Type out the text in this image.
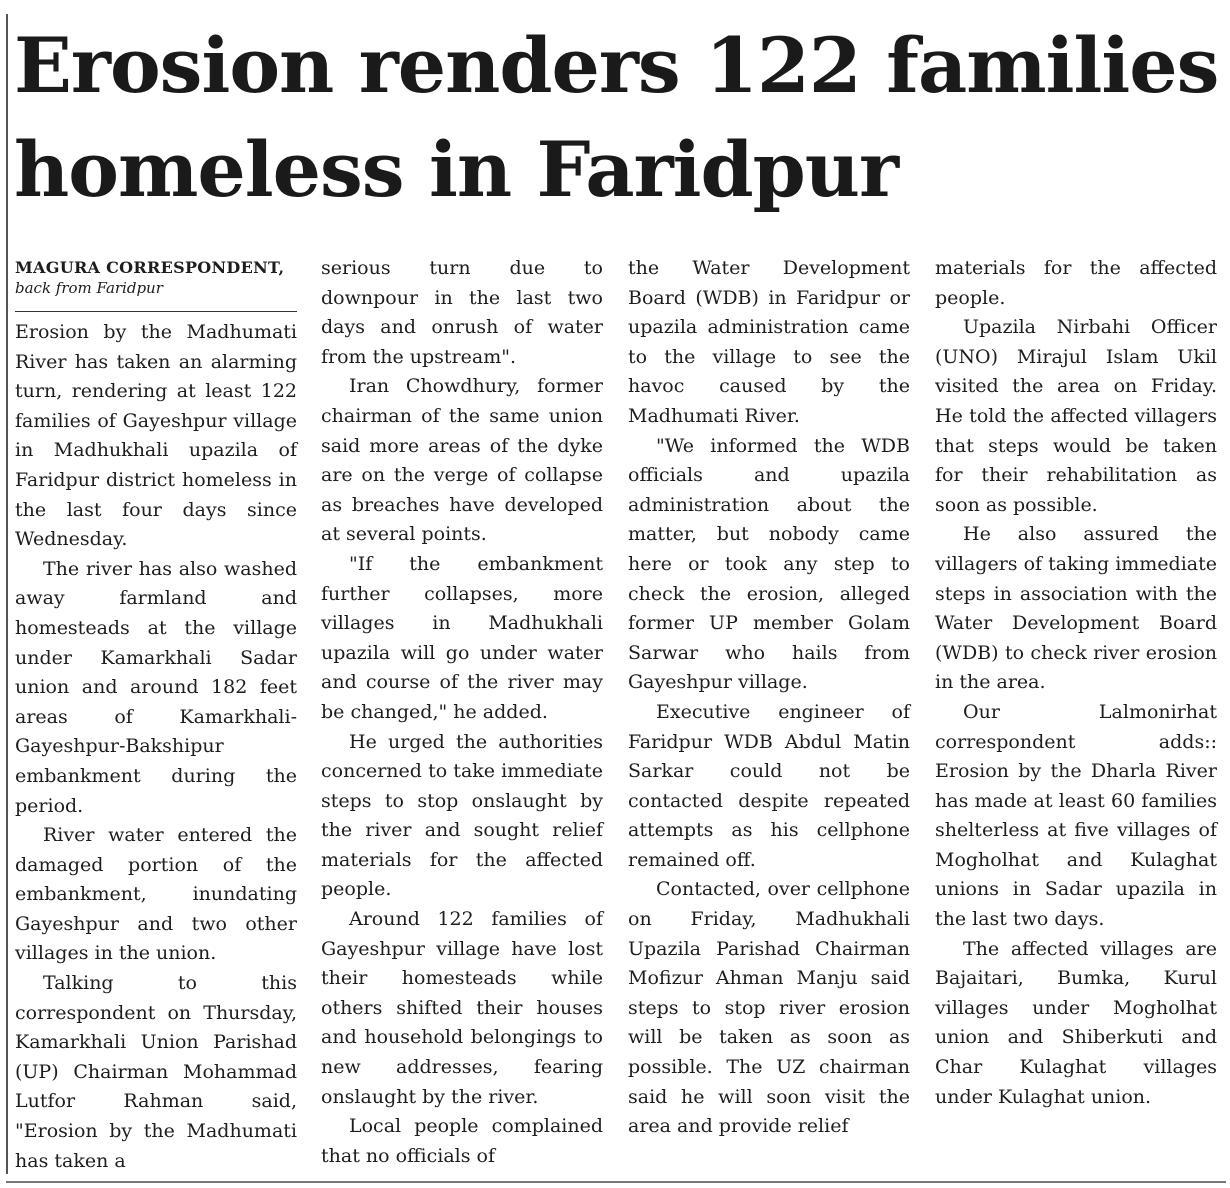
Erosion renders 122 families homeless in Faridpur
MAGURA CORRESPONDENT,
back from Faridpur

Erosion by the Madhumati River has taken an alarming turn, rendering at least 122 families of Gayeshpur village in Madhukhali upazila of Faridpur district homeless in the last four days since Wednesday.

The river has also washed away farmland and homesteads at the village under Kamarkhali Sadar union and around 182 feet areas of Kamarkhali-Gayeshpur-Bakshipur embankment during the period.

River water entered the damaged portion of the embankment, inundating Gayeshpur and two other villages in the union.

Talking to this correspondent on Thursday, Kamarkhali Union Parishad (UP) Chairman Mohammad Lutfor Rahman said, "Erosion by the Madhumati has taken a

serious turn due to downpour in the last two days and onrush of water from the upstream".

Iran Chowdhury, former chairman of the same union said more areas of the dyke are on the verge of collapse as breaches have developed at several points.

"If the embankment further collapses, more villages in Madhukhali upazila will go under water and course of the river may be changed," he added.

He urged the authorities concerned to take immediate steps to stop onslaught by the river and sought relief materials for the affected people.

Around 122 families of Gayeshpur village have lost their homesteads while others shifted their houses and household belongings to new addresses, fearing onslaught by the river.

Local people complained that no officials of

the Water Development Board (WDB) in Faridpur or upazila administration came to the village to see the havoc caused by the Madhumati River.

"We informed the WDB officials and upazila administration about the matter, but nobody came here or took any step to check the erosion, alleged former UP member Golam Sarwar who hails from Gayeshpur village.

Executive engineer of Faridpur WDB Abdul Matin Sarkar could not be contacted despite repeated attempts as his cellphone remained off.

Contacted, over cellphone on Friday, Madhukhali Upazila Parishad Chairman Mofizur Ahman Manju said steps to stop river erosion will be taken as soon as possible. The UZ chairman said he will soon visit the area and provide relief

materials for the affected people.

Upazila Nirbahi Officer (UNO) Mirajul Islam Ukil visited the area on Friday. He told the affected villagers that steps would be taken for their rehabilitation as soon as possible.

He also assured the villagers of taking immediate steps in association with the Water Development Board (WDB) to check river erosion in the area.

Our Lalmonirhat correspondent adds:: Erosion by the Dharla River has made at least 60 families shelterless at five villages of Mogholhat and Kulaghat unions in Sadar upazila in the last two days.

The affected villages are Bajaitari, Bumka, Kurul villages under Mogholhat union and Shiberkuti and Char Kulaghat villages under Kulaghat union.
